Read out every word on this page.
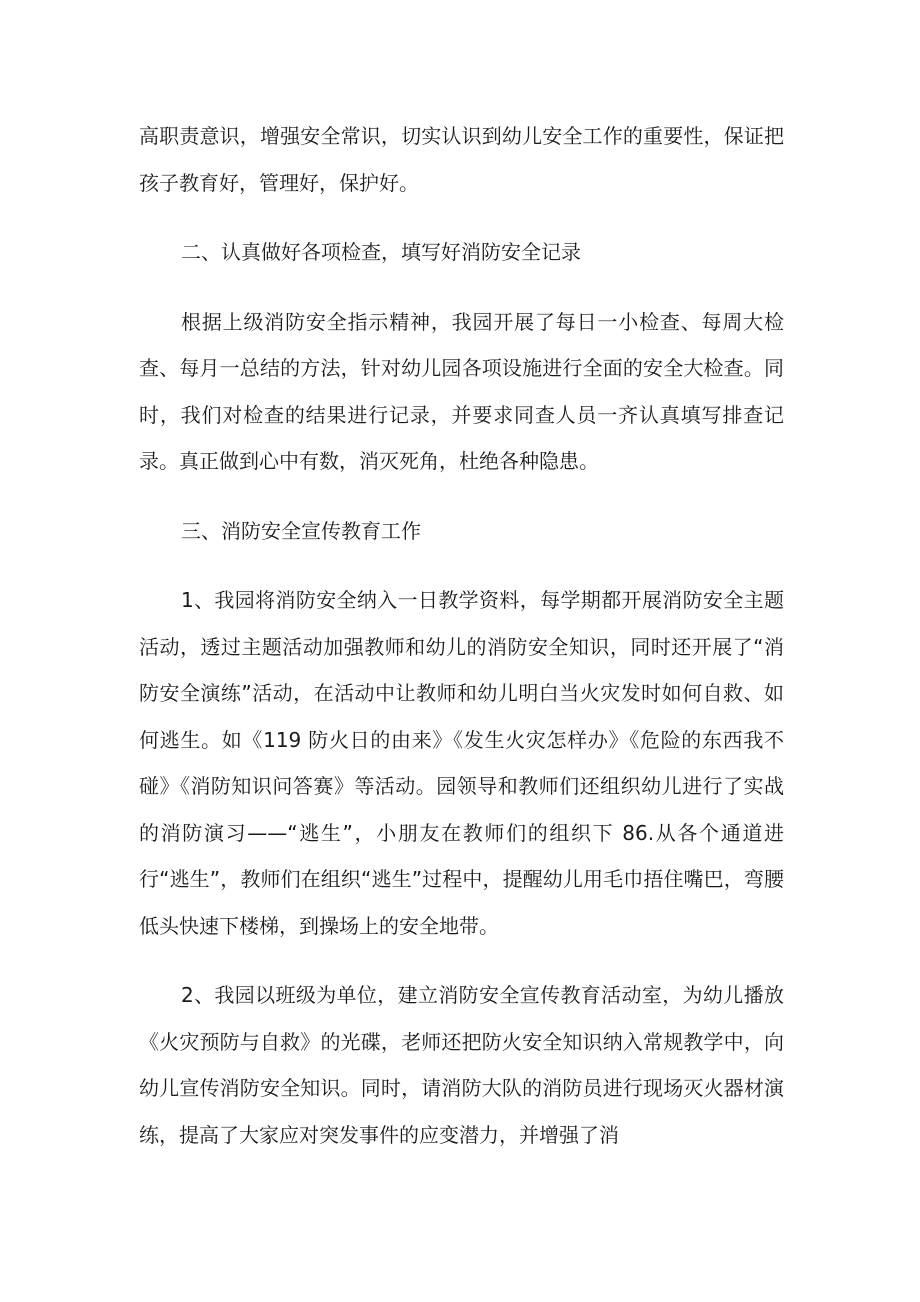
高职责意识，增强安全常识，切实认识到幼儿安全工作的重要性，保证把孩子教育好，管理好，保护好。

二、认真做好各项检查，填写好消防安全记录

根据上级消防安全指示精神，我园开展了每日一小检查、每周大检查、每月一总结的方法，针对幼儿园各项设施进行全面的安全大检查。同时，我们对检查的结果进行记录，并要求同查人员一齐认真填写排查记录。真正做到心中有数，消灭死角，杜绝各种隐患。

三、消防安全宣传教育工作

1、我园将消防安全纳入一日教学资料，每学期都开展消防安全主题活动，透过主题活动加强教师和幼儿的消防安全知识，同时还开展了“消防安全演练”活动，在活动中让教师和幼儿明白当火灾发时如何自救、如何逃生。如《119 防火日的由来》《发生火灾怎样办》《危险的东西我不碰》《消防知识问答赛》等活动。园领导和教师们还组织幼儿进行了实战的消防演习——“逃生”，小朋友在教师们的组织下 86.从各个通道进行“逃生”，教师们在组织“逃生”过程中，提醒幼儿用毛巾捂住嘴巴，弯腰低头快速下楼梯，到操场上的安全地带。

2、我园以班级为单位，建立消防安全宣传教育活动室，为幼儿播放《火灾预防与自救》的光碟，老师还把防火安全知识纳入常规教学中，向幼儿宣传消防安全知识。同时，请消防大队的消防员进行现场灭火器材演练，提高了大家应对突发事件的应变潜力，并增强了消
